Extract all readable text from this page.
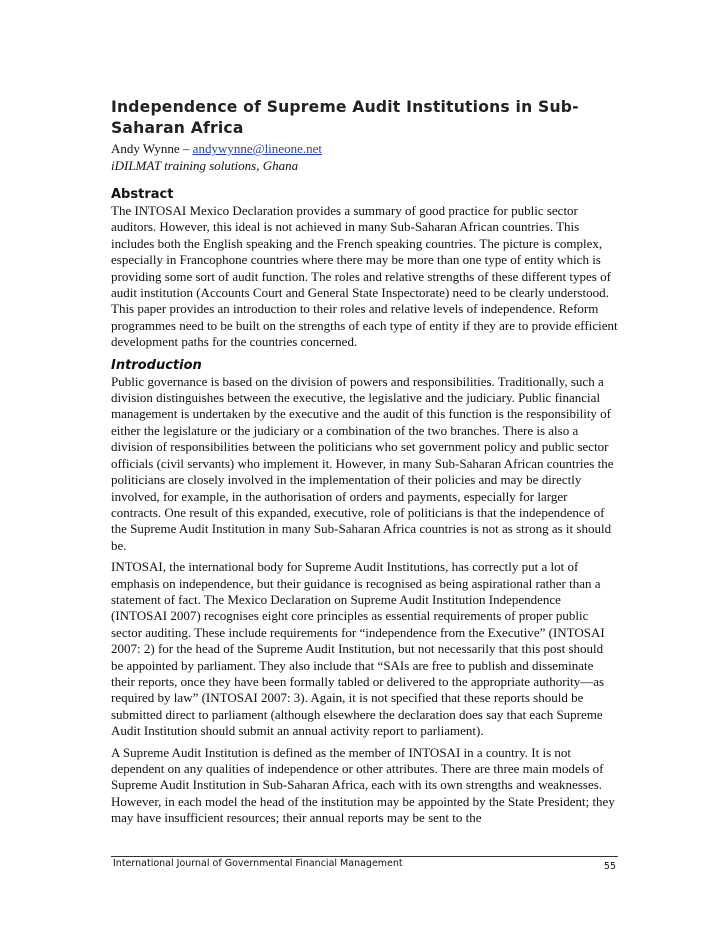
Independence of Supreme Audit Institutions in Sub-Saharan Africa

Andy Wynne – andywynne@lineone.net

iDILMAT training solutions, Ghana

Abstract

The INTOSAI Mexico Declaration provides a summary of good practice for public sector auditors. However, this ideal is not achieved in many Sub-Saharan African countries. This includes both the English speaking and the French speaking countries. The picture is complex, especially in Francophone countries where there may be more than one type of entity which is providing some sort of audit function. The roles and relative strengths of these different types of audit institution (Accounts Court and General State Inspectorate) need to be clearly understood. This paper provides an introduction to their roles and relative levels of independence. Reform programmes need to be built on the strengths of each type of entity if they are to provide efficient development paths for the countries concerned.

Introduction

Public governance is based on the division of powers and responsibilities. Traditionally, such a division distinguishes between the executive, the legislative and the judiciary. Public financial management is undertaken by the executive and the audit of this function is the responsibility of either the legislature or the judiciary or a combination of the two branches. There is also a division of responsibilities between the politicians who set government policy and public sector officials (civil servants) who implement it. However, in many Sub-Saharan African countries the politicians are closely involved in the implementation of their policies and may be directly involved, for example, in the authorisation of orders and payments, especially for larger contracts. One result of this expanded, executive, role of politicians is that the independence of the Supreme Audit Institution in many Sub-Saharan Africa countries is not as strong as it should be.

INTOSAI, the international body for Supreme Audit Institutions, has correctly put a lot of emphasis on independence, but their guidance is recognised as being aspirational rather than a statement of fact. The Mexico Declaration on Supreme Audit Institution Independence (INTOSAI 2007) recognises eight core principles as essential requirements of proper public sector auditing. These include requirements for “independence from the Executive” (INTOSAI 2007: 2) for the head of the Supreme Audit Institution, but not necessarily that this post should be appointed by parliament. They also include that “SAIs are free to publish and disseminate their reports, once they have been formally tabled or delivered to the appropriate authority—as required by law” (INTOSAI 2007: 3). Again, it is not specified that these reports should be submitted direct to parliament (although elsewhere the declaration does say that each Supreme Audit Institution should submit an annual activity report to parliament).

A Supreme Audit Institution is defined as the member of INTOSAI in a country. It is not dependent on any qualities of independence or other attributes. There are three main models of Supreme Audit Institution in Sub-Saharan Africa, each with its own strengths and weaknesses. However, in each model the head of the institution may be appointed by the State President; they may have insufficient resources; their annual reports may be sent to the

International Journal of Governmental Financial Management	55
